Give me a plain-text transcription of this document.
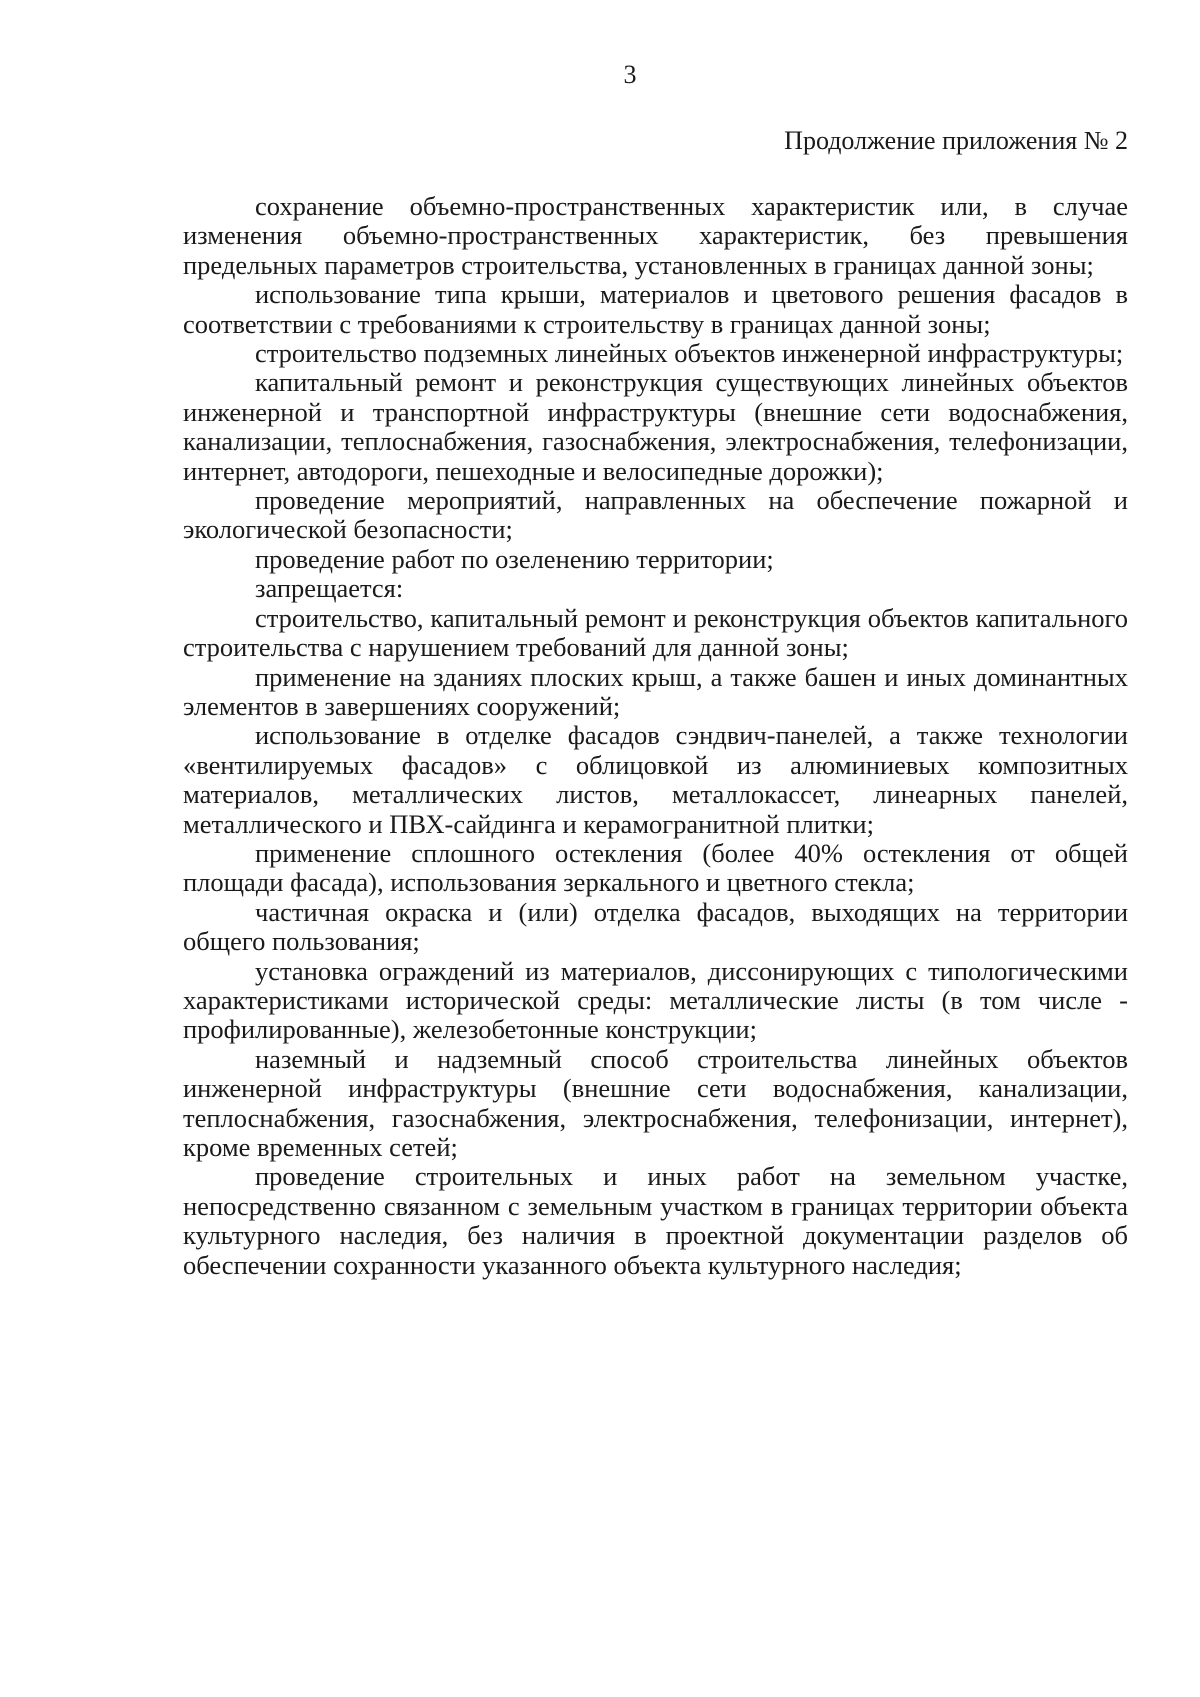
3
Продолжение приложения № 2

сохранение объемно-пространственных характеристик или, в случае изменения объемно-пространственных характеристик, без превышения предельных параметров строительства, установленных в границах данной зоны;

использование типа крыши, материалов и цветового решения фасадов в соответствии с требованиями к строительству в границах данной зоны;

строительство подземных линейных объектов инженерной инфраструктуры;

капитальный ремонт и реконструкция существующих линейных объектов инженерной и транспортной инфраструктуры (внешние сети водоснабжения, канализации, теплоснабжения, газоснабжения, электроснабжения, телефонизации, интернет, автодороги, пешеходные и велосипедные дорожки);

проведение мероприятий, направленных на обеспечение пожарной и экологической безопасности;

проведение работ по озеленению территории;

запрещается:

строительство, капитальный ремонт и реконструкция объектов капитального строительства с нарушением требований для данной зоны;

применение на зданиях плоских крыш, а также башен и иных доминантных элементов в завершениях сооружений;

использование в отделке фасадов сэндвич-панелей, а также технологии «вентилируемых фасадов» с облицовкой из алюминиевых композитных материалов, металлических листов, металлокассет, линеарных панелей, металлического и ПВХ-сайдинга и керамогранитной плитки;

применение сплошного остекления (более 40% остекления от общей площади фасада), использования зеркального и цветного стекла;

частичная окраска и (или) отделка фасадов, выходящих на территории общего пользования;

установка ограждений из материалов, диссонирующих с типологическими характеристиками исторической среды: металлические листы (в том числе - профилированные), железобетонные конструкции;

наземный и надземный способ строительства линейных объектов инженерной инфраструктуры (внешние сети водоснабжения, канализации, теплоснабжения, газоснабжения, электроснабжения, телефонизации, интернет), кроме временных сетей;

проведение строительных и иных работ на земельном участке, непосредственно связанном с земельным участком в границах территории объекта культурного наследия, без наличия в проектной документации разделов об обеспечении сохранности указанного объекта культурного наследия;
